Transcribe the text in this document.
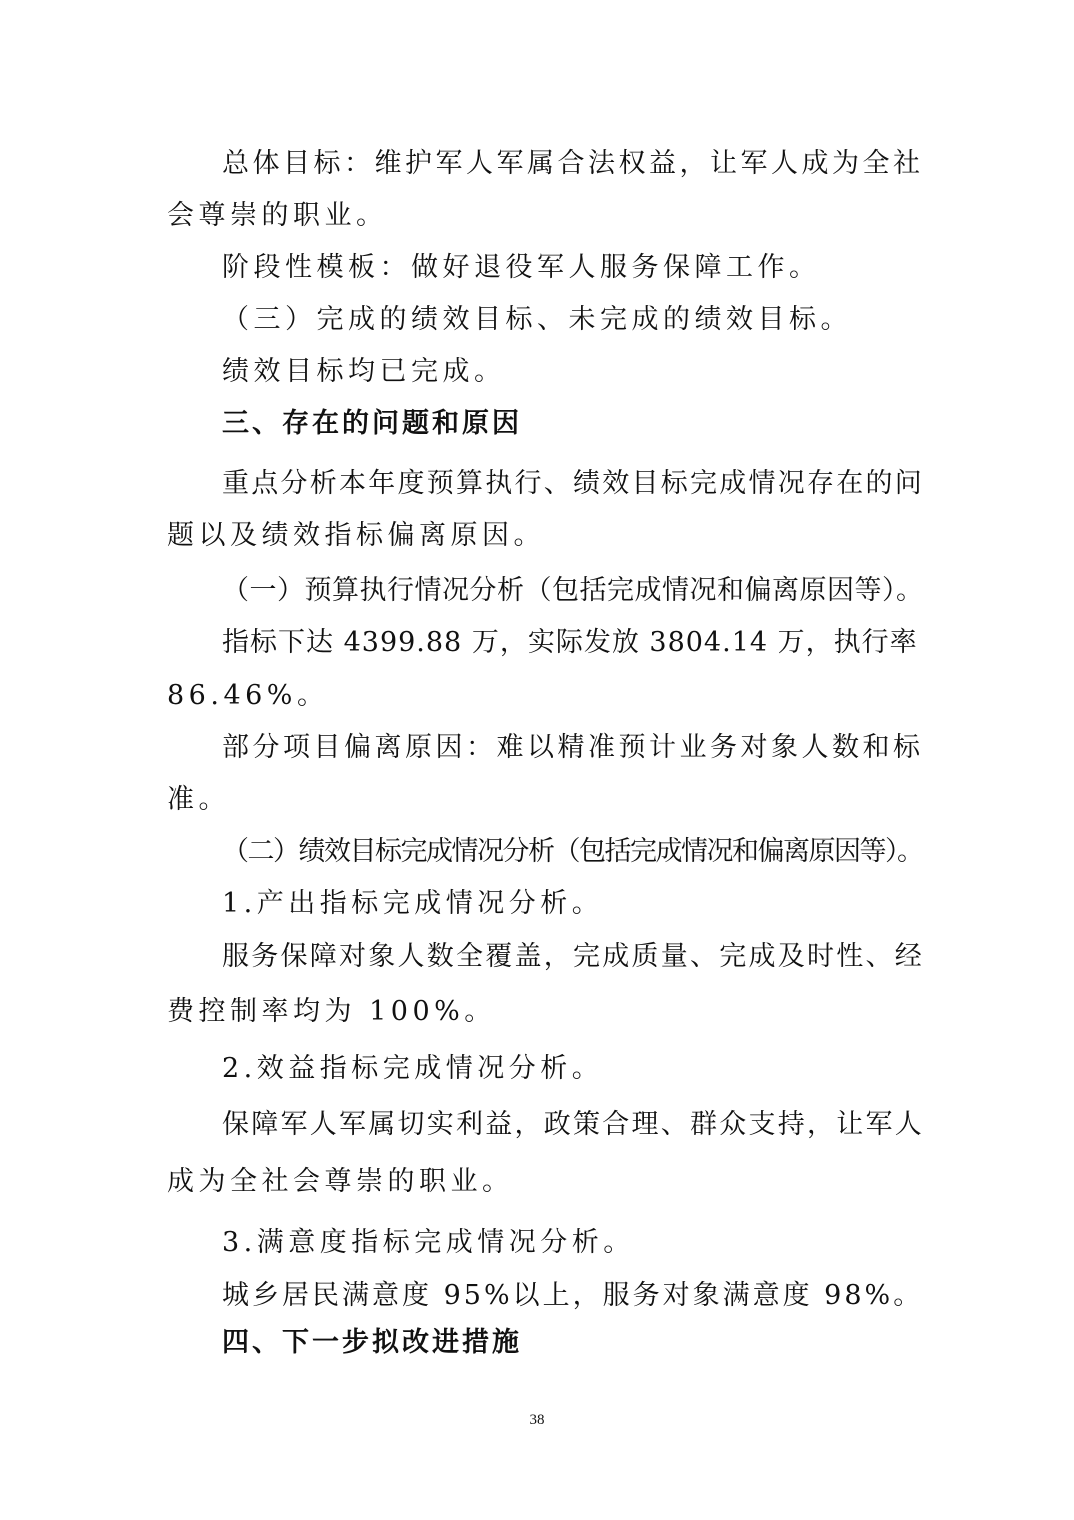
总体目标：维护军人军属合法权益，让军人成为全社
会尊崇的职业。
阶段性模板：做好退役军人服务保障工作。
（三）完成的绩效目标、未完成的绩效目标。
绩效目标均已完成。
三、存在的问题和原因
重点分析本年度预算执行、绩效目标完成情况存在的问
题以及绩效指标偏离原因。
（一）预算执行情况分析（包括完成情况和偏离原因等）。
指标下达 4399.88 万，实际发放 3804.14 万，执行率
86.46%。
部分项目偏离原因：难以精准预计业务对象人数和标
准。
（二）绩效目标完成情况分析（包括完成情况和偏离原因等）。
1.产出指标完成情况分析。
服务保障对象人数全覆盖，完成质量、完成及时性、经
费控制率均为 100%。
2.效益指标完成情况分析。
保障军人军属切实利益，政策合理、群众支持，让军人
成为全社会尊崇的职业。
3.满意度指标完成情况分析。
城乡居民满意度 95%以上，服务对象满意度 98%。
四、下一步拟改进措施
38
